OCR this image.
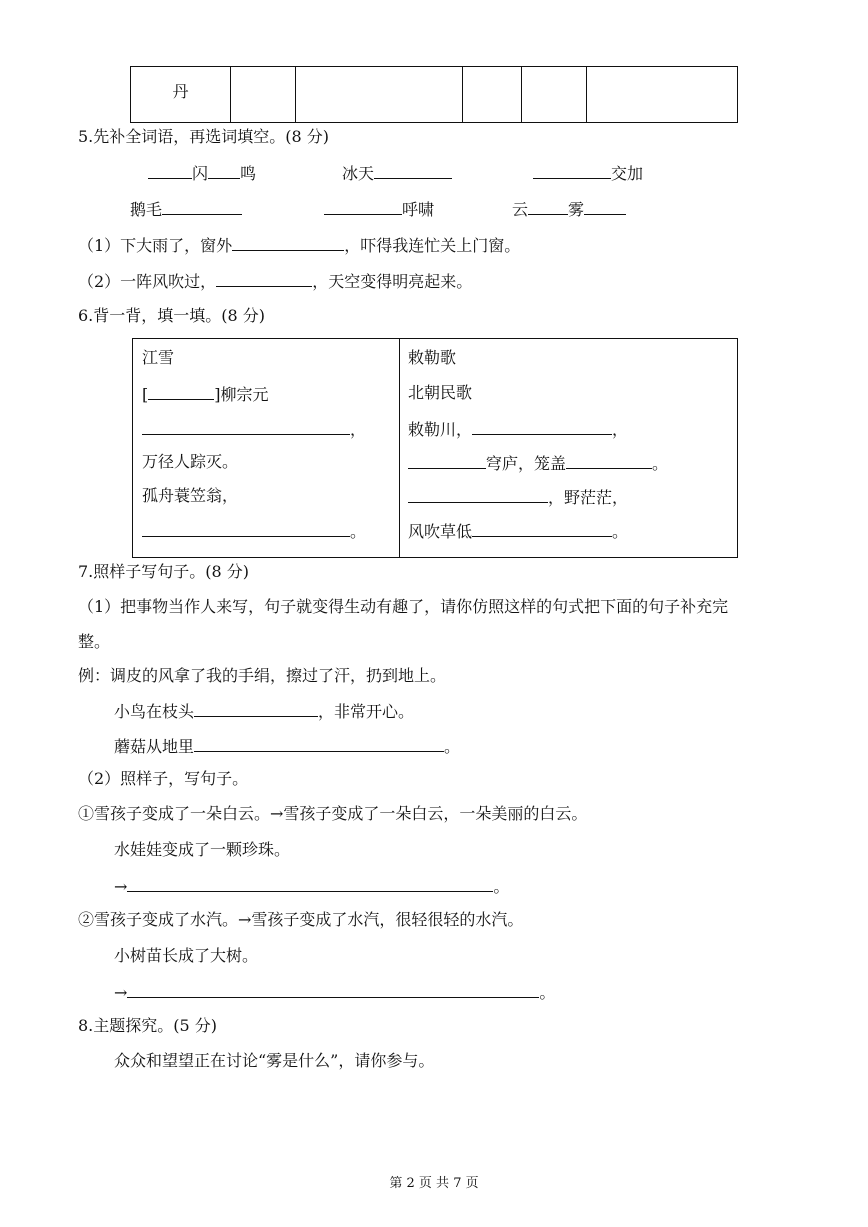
丹

5.先补全词语，再选词填空。(8 分)
闪 鸣	冰天	交加
鹅毛	呼啸	云	雾
（1）下大雨了，窗外	，吓得我连忙关上门窗。
（2）一阵风吹过，	，天空变得明亮起来。
6.背一背，填一填。(8 分)
江雪
[	]柳宗元
，
万径人踪灭。
孤舟蓑笠翁，
。
敕勒歌
北朝民歌
敕勒川，	，
穹庐，笼盖	。
，野茫茫，
风吹草低	。
7.照样子写句子。(8 分)
（1）把事物当作人来写，句子就变得生动有趣了，请你仿照这样的句式把下面的句子补充完
整。
例：调皮的风拿了我的手绢，擦过了汗，扔到地上。
小鸟在枝头	，非常开心。
蘑菇从地里	。
（2）照样子，写句子。
①雪孩子变成了一朵白云。→雪孩子变成了一朵白云，一朵美丽的白云。
水娃娃变成了一颗珍珠。
→	。
②雪孩子变成了水汽。→雪孩子变成了水汽，很轻很轻的水汽。
小树苗长成了大树。
→	。
8.主题探究。(5 分)
众众和望望正在讨论“雾是什么”，请你参与。
第 2 页 共 7 页
